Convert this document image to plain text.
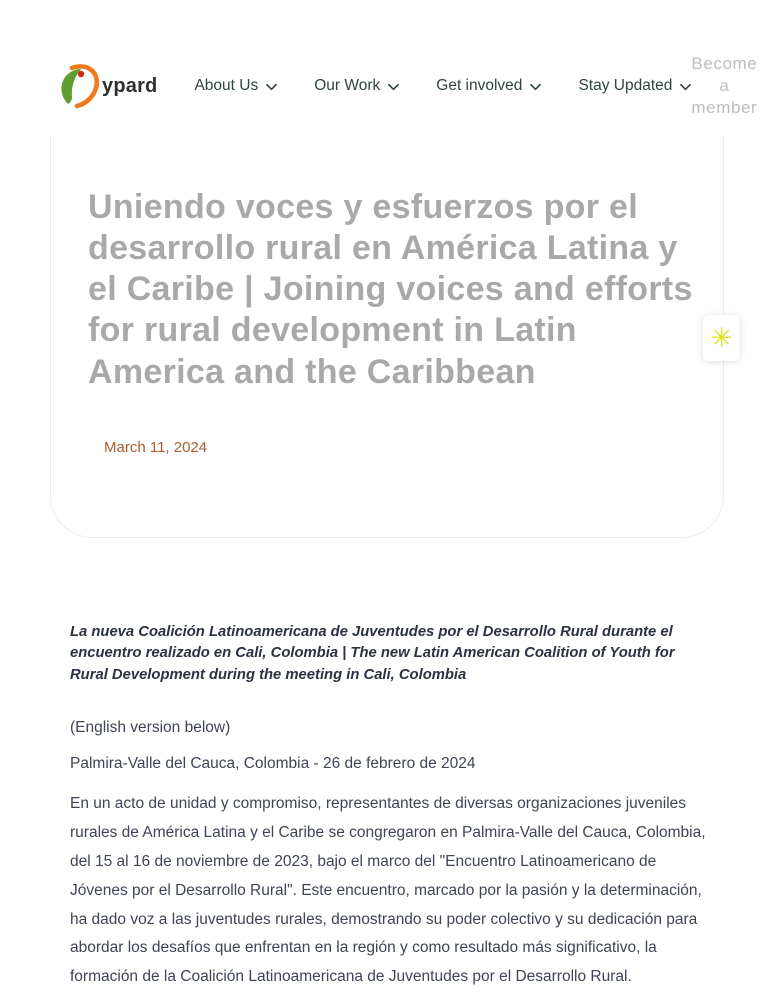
ypard About Us	Our Work	Get involved	Stay Updated
Become a member
Uniendo voces y esfuerzos por el desarrollo rural en América Latina y el Caribe | Joining voices and efforts for rural development in Latin America and the Caribbean
March 11, 2024
✳

La nueva Coalición Latinoamericana de Juventudes por el Desarrollo Rural durante el encuentro realizado en Cali, Colombia | The new Latin American Coalition of Youth for Rural Development during the meeting in Cali, Colombia

(English version below)

Palmira-Valle del Cauca, Colombia - 26 de febrero de 2024

En un acto de unidad y compromiso, representantes de diversas organizaciones juveniles rurales de América Latina y el Caribe se congregaron en Palmira-Valle del Cauca, Colombia, del 15 al 16 de noviembre de 2023, bajo el marco del "Encuentro Latinoamericano de Jóvenes por el Desarrollo Rural". Este encuentro, marcado por la pasión y la determinación, ha dado voz a las juventudes rurales, demostrando su poder colectivo y su dedicación para abordar los desafíos que enfrentan en la región y como resultado más significativo, la formación de la Coalición Latinoamericana de Juventudes por el Desarrollo Rural.
